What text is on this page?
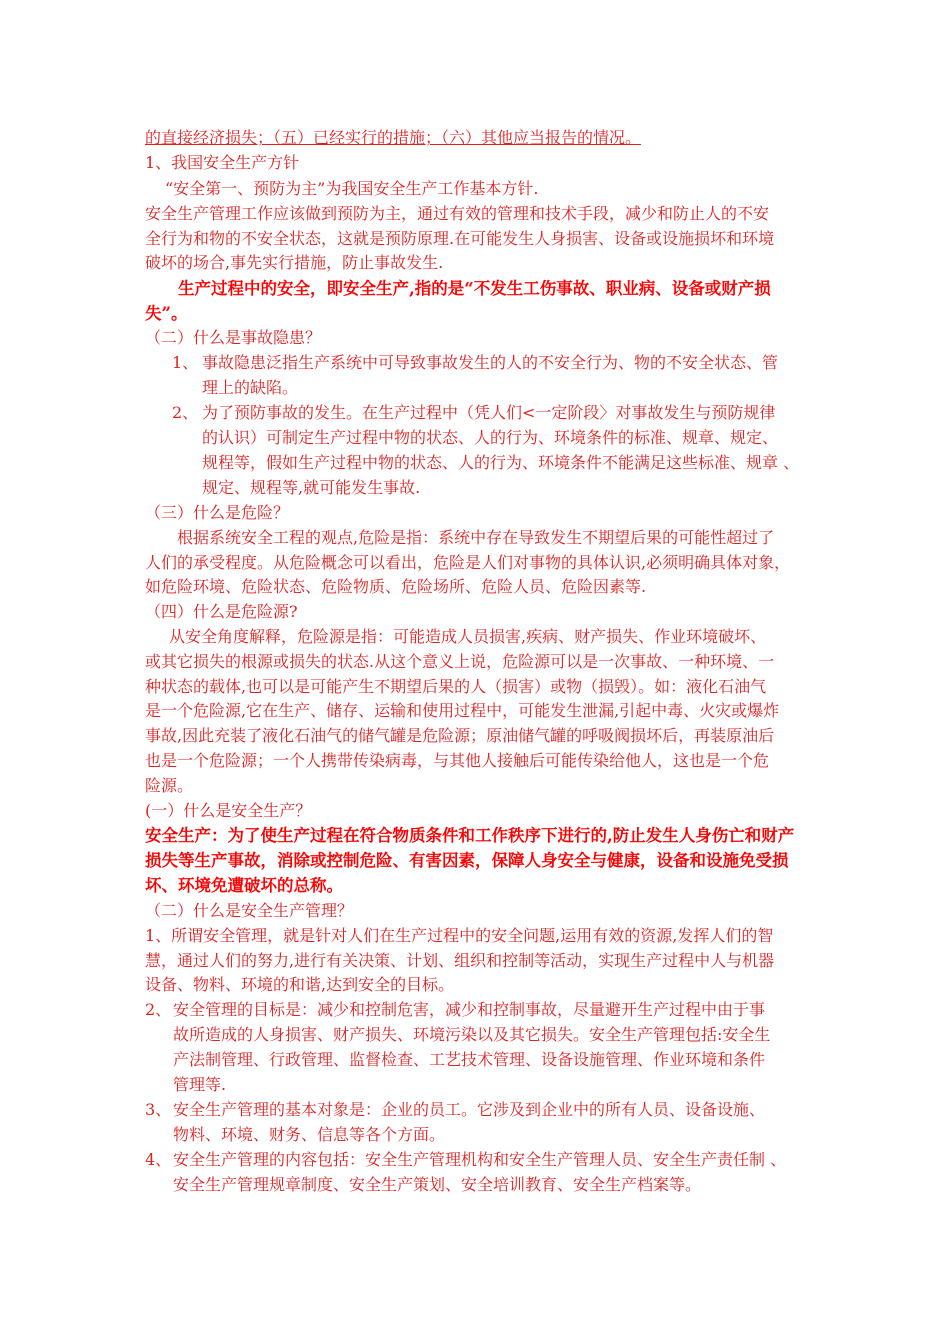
的直接经济损失；（五）已经实行的措施；（六）其他应当报告的情况。
1、我国安全生产方针
“安全第一、预防为主”为我国安全生产工作基本方针.
安全生产管理工作应该做到预防为主，通过有效的管理和技术手段，减少和防止人的不安
全行为和物的不安全状态，这就是预防原理.在可能发生人身损害、设备或设施损坏和环境
破坏的场合,事先实行措施，防止事故发生.
生产过程中的安全，即安全生产,指的是“不发生工伤事故、职业病、设备或财产损
失”。
（二）什么是事故隐患？
1、 事故隐患泛指生产系统中可导致事故发生的人的不安全行为、物的不安全状态、管
理上的缺陷。
2、 为了预防事故的发生。在生产过程中（凭人们<一定阶段〉对事故发生与预防规律
的认识）可制定生产过程中物的状态、人的行为、环境条件的标准、规章、规定、
规程等，假如生产过程中物的状态、人的行为、环境条件不能满足这些标准、规章 、
规定、规程等,就可能发生事故.
（三）什么是危险？
根据系统安全工程的观点,危险是指：系统中存在导致发生不期望后果的可能性超过了
人们的承受程度。从危险概念可以看出，危险是人们对事物的具体认识,必须明确具体对象，
如危险环境、危险状态、危险物质、危险场所、危险人员、危险因素等.
（四）什么是危险源?
从安全角度解释，危险源是指：可能造成人员损害,疾病、财产损失、作业环境破坏、
或其它损失的根源或损失的状态.从这个意义上说，危险源可以是一次事故、一种环境、一
种状态的载体,也可以是可能产生不期望后果的人（损害）或物（损毁）。如：液化石油气
是一个危险源,它在生产、储存、运输和使用过程中，可能发生泄漏,引起中毒、火灾或爆炸
事故,因此充装了液化石油气的储气罐是危险源；原油储气罐的呼吸阀损坏后，再装原油后
也是一个危险源；一个人携带传染病毒，与其他人接触后可能传染给他人，这也是一个危
险源。
(一）什么是安全生产？
安全生产：为了使生产过程在符合物质条件和工作秩序下进行的,防止发生人身伤亡和财产
损失等生产事故，消除或控制危险、有害因素，保障人身安全与健康，设备和设施免受损
坏、环境免遭破坏的总称。
（二）什么是安全生产管理？
1、所谓安全管理，就是针对人们在生产过程中的安全问题,运用有效的资源,发挥人们的智
慧，通过人们的努力,进行有关决策、计划、组织和控制等活动，实现生产过程中人与机器
设备、物料、环境的和谐,达到安全的目标。
2、 安全管理的目标是：减少和控制危害，减少和控制事故，尽量避开生产过程中由于事
故所造成的人身损害、财产损失、环境污染以及其它损失。安全生产管理包括:安全生
产法制管理、行政管理、监督检查、工艺技术管理、设备设施管理、作业环境和条件
管理等.
3、 安全生产管理的基本对象是：企业的员工。它涉及到企业中的所有人员、设备设施、
物料、环境、财务、信息等各个方面。
4、 安全生产管理的内容包括：安全生产管理机构和安全生产管理人员、安全生产责任制 、
安全生产管理规章制度、安全生产策划、安全培训教育、安全生产档案等。
